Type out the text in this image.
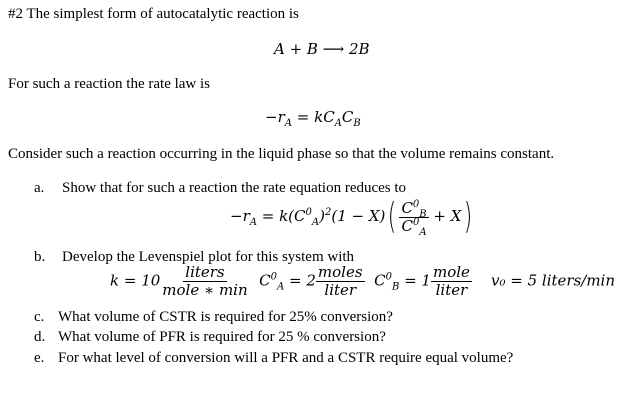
#2 The simplest form of autocatalytic reaction is
A + B ⟶ 2B
For such a reaction the rate law is
$-r_A = kC_AC_B$
Consider such a reaction occurring in the liquid phase so that the volume remains constant.
a. Show that for such a reaction the rate equation reduces to
$-r_A = k(C^0_A)^2(1 - X)( \frac{C^0_B}{C^0_A} + X)$
b. Develop the Levenspiel plot for this system with
$k = 10 \frac{\text{liters}}{\text{mole ∗ min}} C^0_A = 2 \frac{\text{moles}}{\text{liter}} C^0_B = 1 \frac{\text{mole}}{\text{liter}} v_0 = 5$ liters/min
c. What volume of CSTR is required for 25% conversion?
d. What volume of PFR is required for 25 % conversion?
e. For what level of conversion will a PFR and a CSTR require equal volume?
